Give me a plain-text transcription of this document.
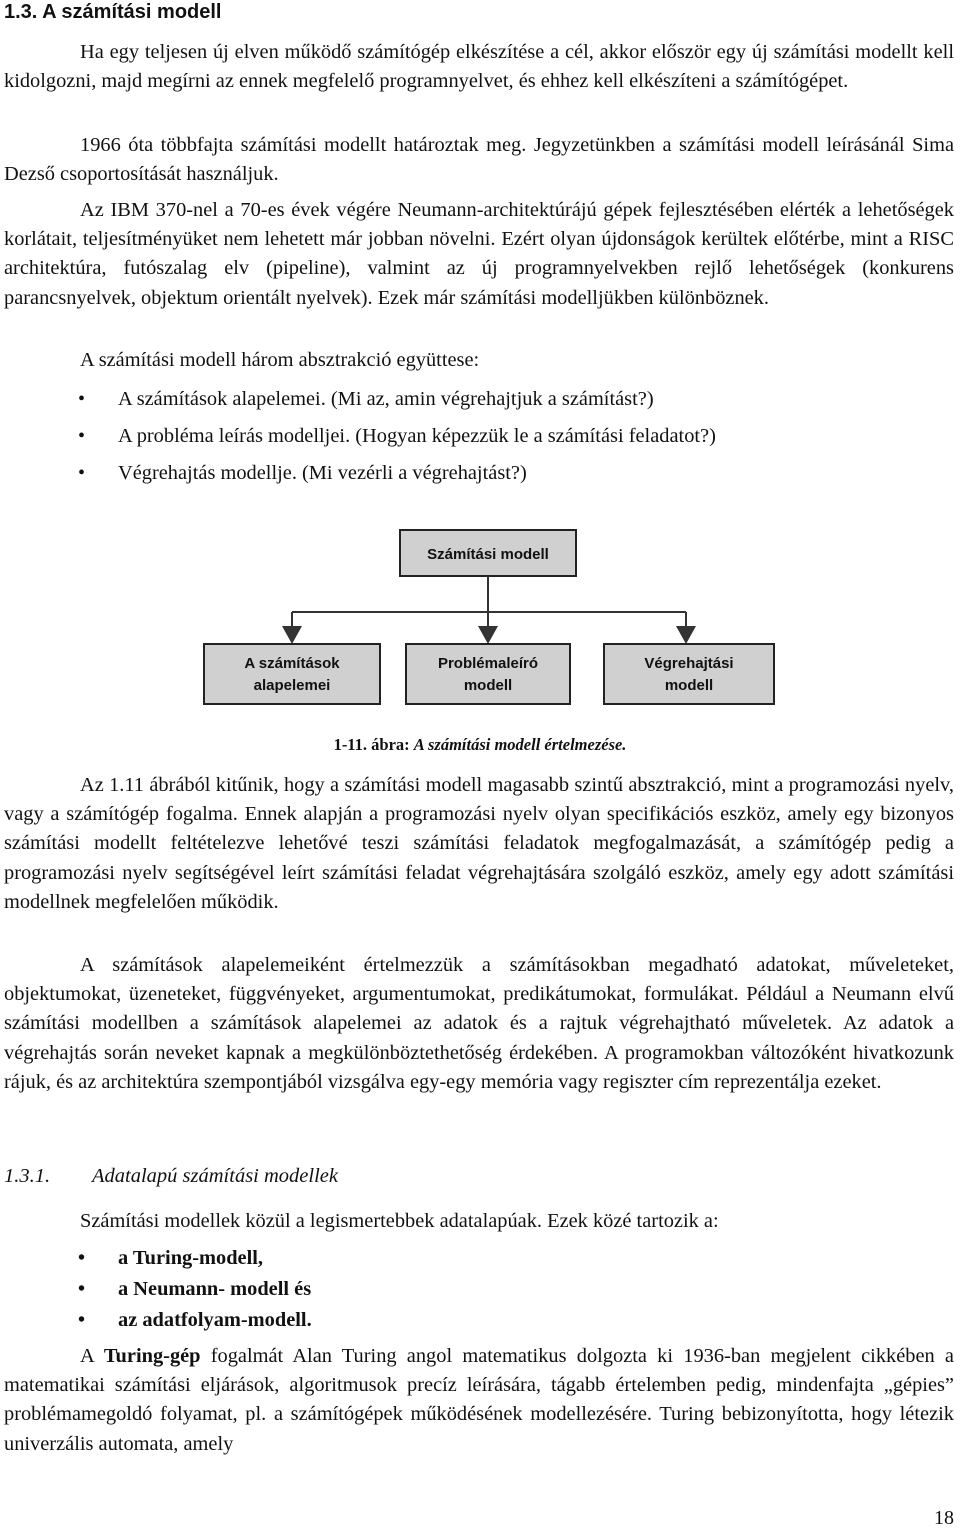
1.3. A számítási modell

Ha egy teljesen új elven működő számítógép elkészítése a cél, akkor először egy új számítási modellt kell kidolgozni, majd megírni az ennek megfelelő programnyelvet, és ehhez kell elkészíteni a számítógépet.

1966 óta többfajta számítási modellt határoztak meg. Jegyzetünkben a számítási modell leírásánál Sima Dezső csoportosítását használjuk.

Az IBM 370-nel a 70-es évek végére Neumann-architektúrájú gépek fejlesztésében elérték a lehetőségek korlátait, teljesítményüket nem lehetett már jobban növelni. Ezért olyan újdonságok kerültek előtérbe, mint a RISC architektúra, futószalag elv (pipeline), valmint az új programnyelvekben rejlő lehetőségek (konkurens parancsnyelvek, objektum orientált nyelvek). Ezek már számítási modelljükben különböznek.

A számítási modell három absztrakció együttese:

• A számítások alapelemei. (Mi az, amin végrehajtjuk a számítást?)
• A probléma leírás modelljei. (Hogyan képezzük le a számítási feladatot?)
• Végrehajtás modellje. (Mi vezérli a végrehajtást?)
Számítási modell
A számítások
alapelemei
Problémaleíró
modell
Végrehajtási
modell
1-11. ábra: A számítási modell értelmezése.

Az 1.11 ábrából kitűnik, hogy a számítási modell magasabb szintű absztrakció, mint a programozási nyelv, vagy a számítógép fogalma. Ennek alapján a programozási nyelv olyan specifikációs eszköz, amely egy bizonyos számítási modellt feltételezve lehetővé teszi számítási feladatok megfogalmazását, a számítógép pedig a programozási nyelv segítségével leírt számítási feladat végrehajtására szolgáló eszköz, amely egy adott számítási modellnek megfelelően működik.

A számítások alapelemeiként értelmezzük a számításokban megadható adatokat, műveleteket, objektumokat, üzeneteket, függvényeket, argumentumokat, predikátumokat, formulákat. Például a Neumann elvű számítási modellben a számítások alapelemei az adatok és a rajtuk végrehajtható műveletek. Az adatok a végrehajtás során neveket kapnak a megkülönböztethetőség érdekében. A programokban változóként hivatkozunk rájuk, és az architektúra szempontjából vizsgálva egy-egy memória vagy regiszter cím reprezentálja ezeket.

1.3.1. Adatalapú számítási modellek

Számítási modellek közül a legismertebbek adatalapúak. Ezek közé tartozik a:

• a Turing-modell,
• a Neumann- modell és
• az adatfolyam-modell.

A Turing-gép fogalmát Alan Turing angol matematikus dolgozta ki 1936-ban megjelent cikkében a matematikai számítási eljárások, algoritmusok precíz leírására, tágabb értelemben pedig, mindenfajta „gépies” problémamegoldó folyamat, pl. a számítógépek működésének modellezésére. Turing bebizonyította, hogy létezik univerzális automata, amely

18
